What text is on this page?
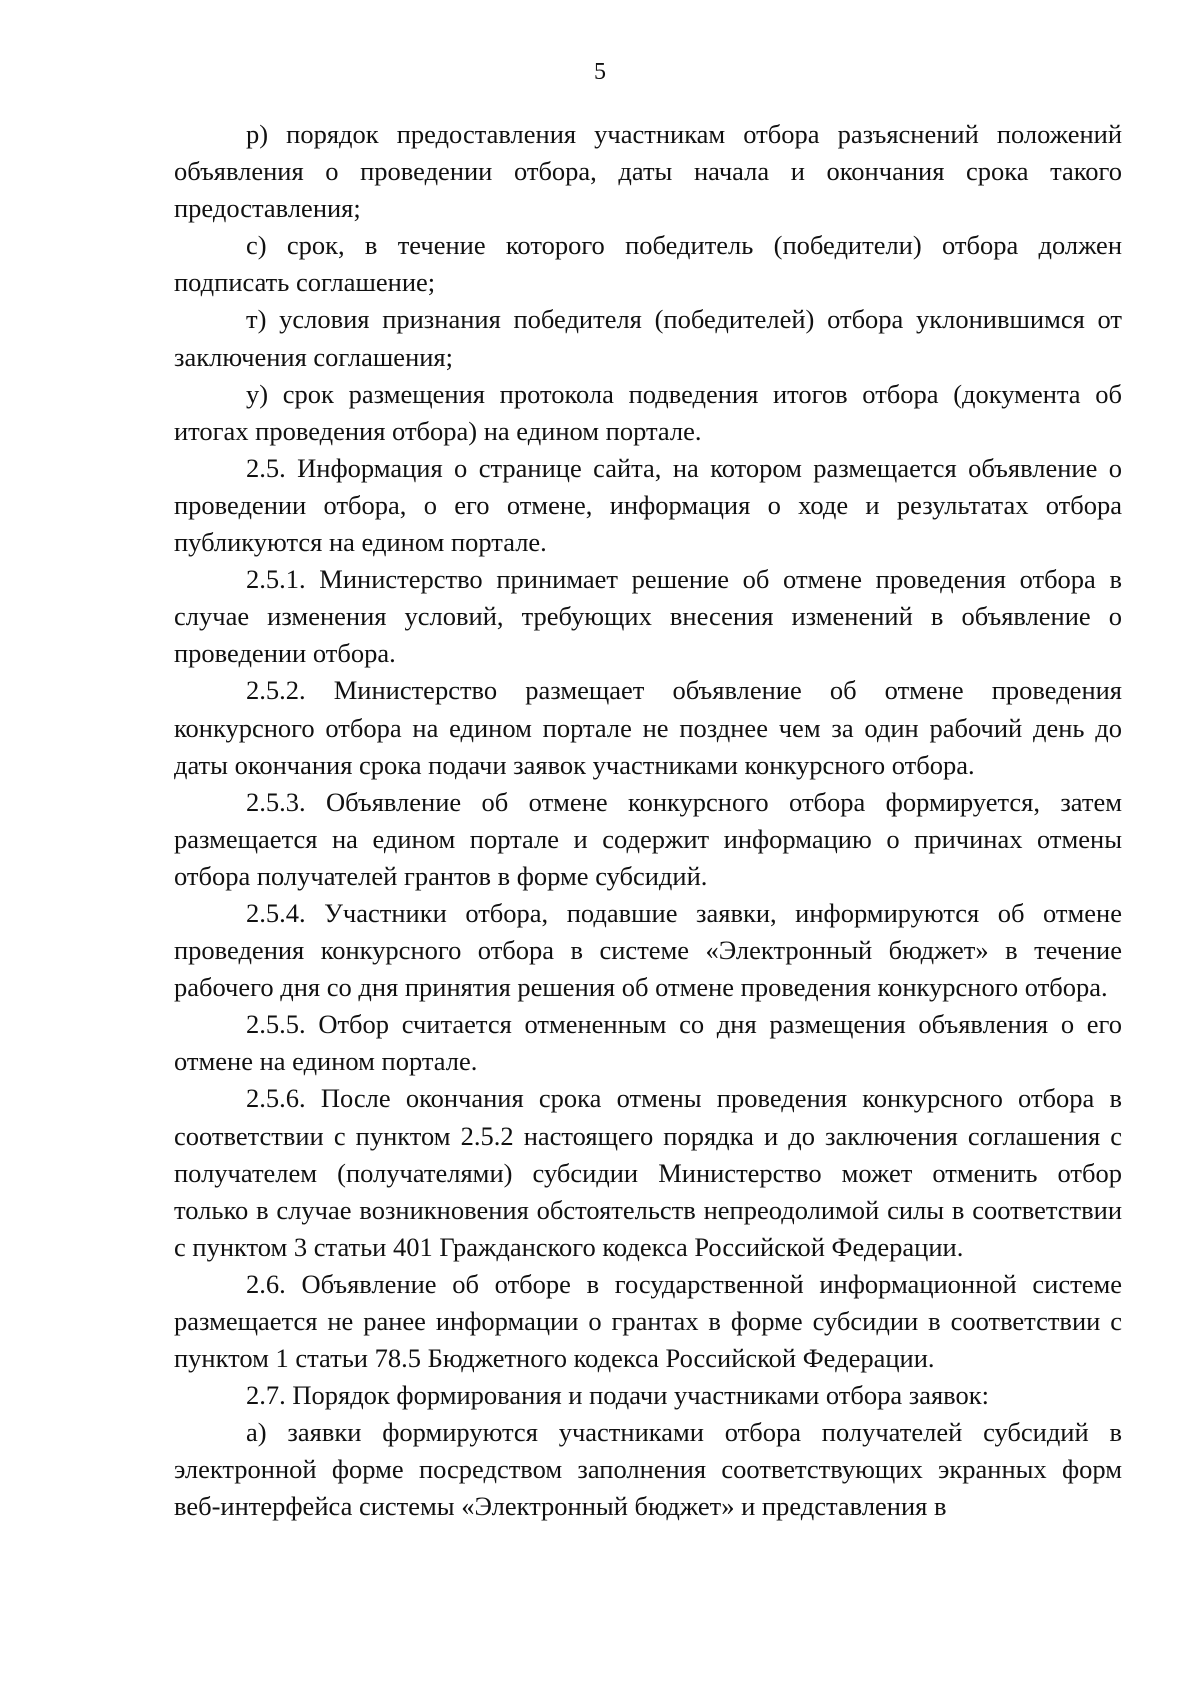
5

р) порядок предоставления участникам отбора разъяснений положений объявления о проведении отбора, даты начала и окончания срока такого предоставления;

с) срок, в течение которого победитель (победители) отбора должен подписать соглашение;

т) условия признания победителя (победителей) отбора уклонившимся от заключения соглашения;

у) срок размещения протокола подведения итогов отбора (документа об итогах проведения отбора) на едином портале.

2.5. Информация о странице сайта, на котором размещается объявление о проведении отбора, о его отмене, информация о ходе и результатах отбора публикуются на едином портале.

2.5.1. Министерство принимает решение об отмене проведения отбора в случае изменения условий, требующих внесения изменений в объявление о проведении отбора.

2.5.2. Министерство размещает объявление об отмене проведения конкурсного отбора на едином портале не позднее чем за один рабочий день до даты окончания срока подачи заявок участниками конкурсного отбора.

2.5.3. Объявление об отмене конкурсного отбора формируется, затем размещается на едином портале и содержит информацию о причинах отмены отбора получателей грантов в форме субсидий.

2.5.4. Участники отбора, подавшие заявки, информируются об отмене проведения конкурсного отбора в системе «Электронный бюджет» в течение рабочего дня со дня принятия решения об отмене проведения конкурсного отбора.

2.5.5. Отбор считается отмененным со дня размещения объявления о его отмене на едином портале.

2.5.6. После окончания срока отмены проведения конкурсного отбора в соответствии с пунктом 2.5.2 настоящего порядка и до заключения соглашения с получателем (получателями) субсидии Министерство может отменить отбор только в случае возникновения обстоятельств непреодолимой силы в соответствии с пунктом 3 статьи 401 Гражданского кодекса Российской Федерации.

2.6. Объявление об отборе в государственной информационной системе размещается не ранее информации о грантах в форме субсидии в соответствии с пунктом 1 статьи 78.5 Бюджетного кодекса Российской Федерации.

2.7. Порядок формирования и подачи участниками отбора заявок:

а) заявки формируются участниками отбора получателей субсидий в электронной форме посредством заполнения соответствующих экранных форм веб-интерфейса системы «Электронный бюджет» и представления в
